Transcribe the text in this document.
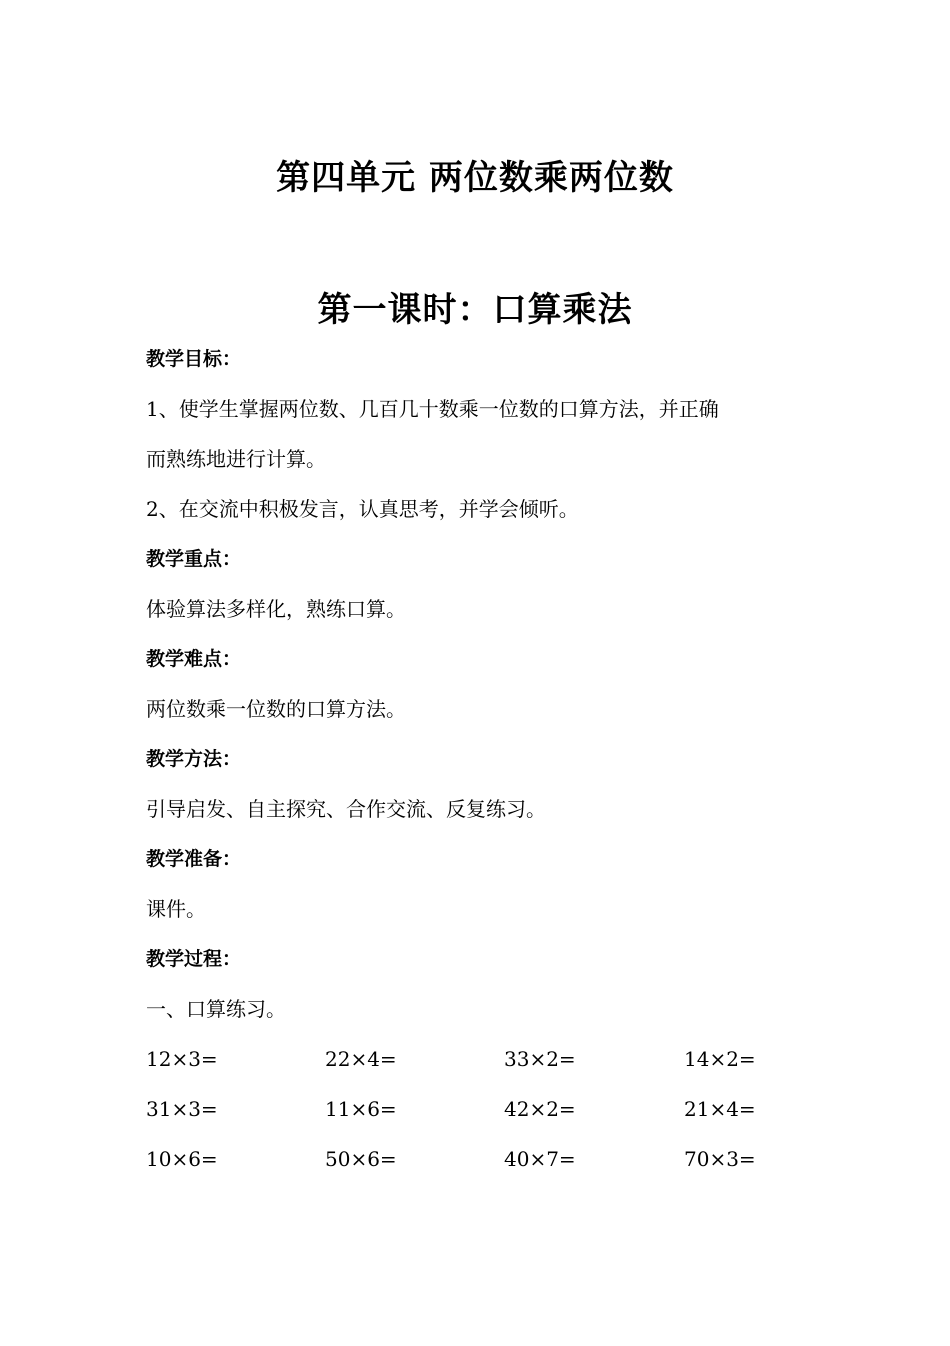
第四单元 两位数乘两位数
第一课时：口算乘法
教学目标：
1、使学生掌握两位数、几百几十数乘一位数的口算方法，并正确
而熟练地进行计算。
2、在交流中积极发言，认真思考，并学会倾听。
教学重点：
体验算法多样化，熟练口算。
教学难点：
两位数乘一位数的口算方法。
教学方法：
引导启发、自主探究、合作交流、反复练习。
教学准备：
课件。
教学过程：
一、口算练习。
12×3=	22×4=	33×2=	14×2=
31×3=	11×6=	42×2=	21×4=
10×6=	50×6=	40×7=	70×3=
